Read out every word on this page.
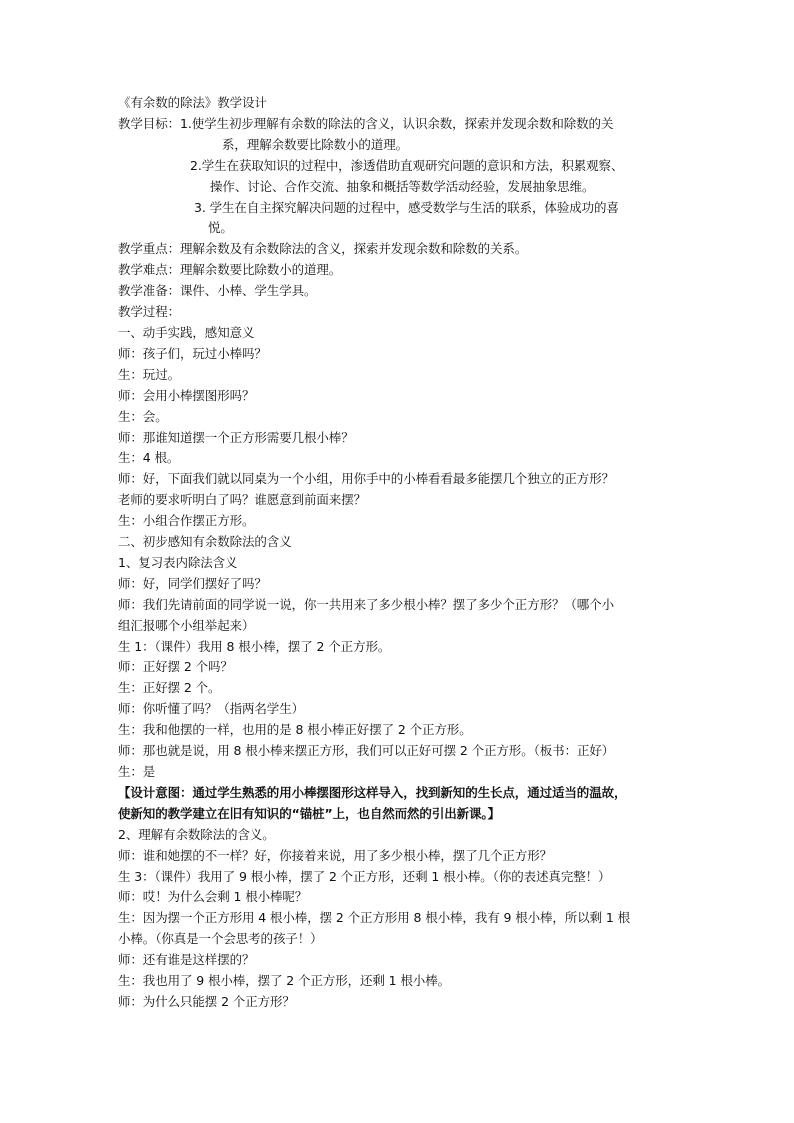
《有余数的除法》教学设计
教学目标： 1.使学生初步理解有余数的除法的含义，认识余数，探索并发现余数和除数的关
系，理解余数要比除数小的道理。
2.学生在获取知识的过程中，渗透借助直观研究问题的意识和方法，积累观察、
操作、讨论、合作交流、抽象和概括等数学活动经验，发展抽象思维。
3. 学生在自主探究解决问题的过程中，感受数学与生活的联系，体验成功的喜
悦。
教学重点：理解余数及有余数除法的含义，探索并发现余数和除数的关系。
教学难点：理解余数要比除数小的道理。
教学准备：课件、小棒、学生学具。
教学过程：
一、动手实践，感知意义
师：孩子们，玩过小棒吗？
生：玩过。
师：会用小棒摆图形吗？
生：会。
师：那谁知道摆一个正方形需要几根小棒？
生：4 根。
师：好，下面我们就以同桌为一个小组，用你手中的小棒看看最多能摆几个独立的正方形？
老师的要求听明白了吗？谁愿意到前面来摆？
生：小组合作摆正方形。
二、初步感知有余数除法的含义
1、复习表内除法含义
师：好，同学们摆好了吗？
师：我们先请前面的同学说一说，你一共用来了多少根小棒？摆了多少个正方形？（哪个小
组汇报哪个小组举起来）
生 1：（课件）我用 8 根小棒，摆了 2 个正方形。
师：正好摆 2 个吗？
生：正好摆 2 个。
师：你听懂了吗？（指两名学生）
生：我和他摆的一样，也用的是 8 根小棒正好摆了 2 个正方形。
师：那也就是说，用 8 根小棒来摆正方形，我们可以正好可摆 2 个正方形。（板书：正好）
生：是
【设计意图：通过学生熟悉的用小棒摆图形这样导入，找到新知的生长点，通过适当的温故，
使新知的教学建立在旧有知识的“锚桩”上，也自然而然的引出新课。】
2、理解有余数除法的含义。
师：谁和她摆的不一样？好，你接着来说，用了多少根小棒，摆了几个正方形？
生 3：（课件）我用了 9 根小棒，摆了 2 个正方形，还剩 1 根小棒。（你的表述真完整！）
师：哎！为什么会剩 1 根小棒呢？
生：因为摆一个正方形用 4 根小棒，摆 2 个正方形用 8 根小棒，我有 9 根小棒，所以剩 1 根
小棒。（你真是一个会思考的孩子！）
师：还有谁是这样摆的？
生：我也用了 9 根小棒，摆了 2 个正方形，还剩 1 根小棒。
师：为什么只能摆 2 个正方形？
